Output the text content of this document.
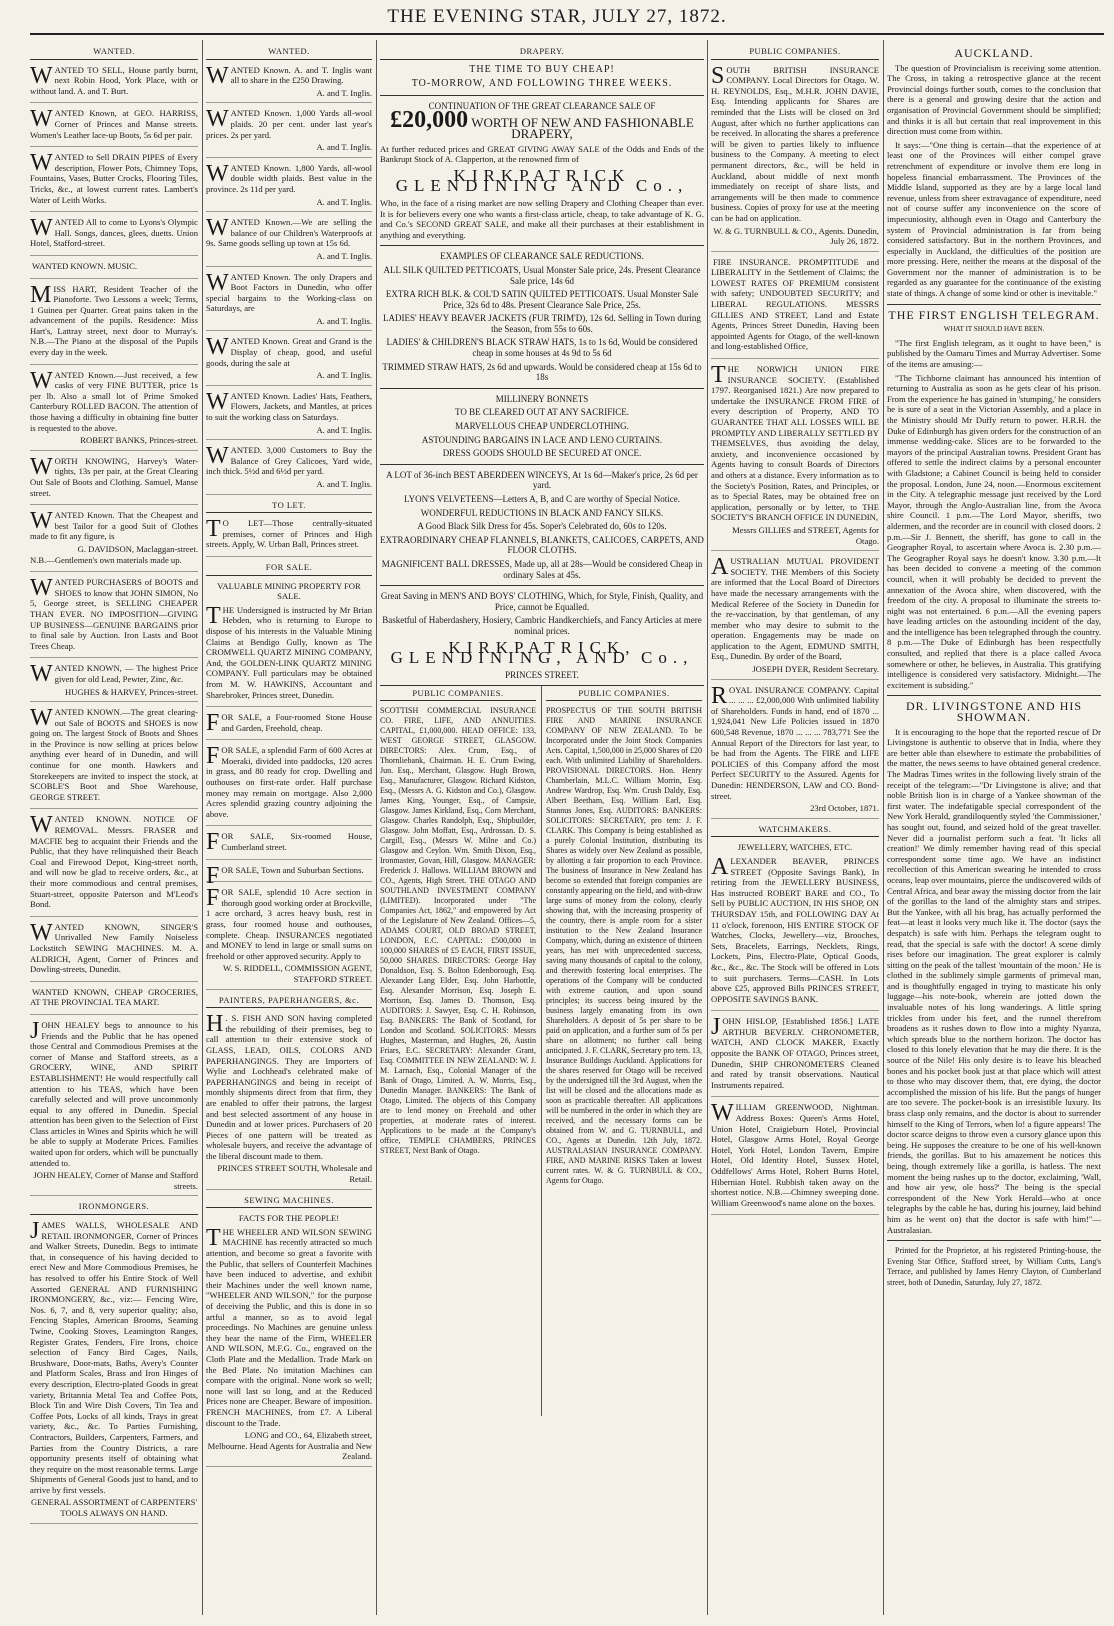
THE EVENING STAR, JULY 27, 1872.
WANTED.
W ANTED TO SELL, House partly burnt, next Robin Hood, York Place, with or without land. A. and T. Burt.

W ANTED Known, at GEO. HARRISS, Corner of Princes and Manse streets. Women's Leather lace-up Boots, 5s 6d per pair.

W ANTED to Sell DRAIN PIPES of Every description, Flower Pots, Chimney Tops, Fountains, Vases, Butter Crocks, Flooring Tiles, Tricks, &c., at lowest current rates. Lambert's Water of Leith Works.

W ANTED All to come to Lyons's Olympic Hall. Songs, dances, glees, duetts. Union Hotel, Stafford-street.

WANTED KNOWN. MUSIC.

M ISS HART, Resident Teacher of the Pianoforte. Two Lessons a week; Terms, 1 Guinea per Quarter. Great pains taken in the advancement of the pupils. Residence: Miss Hart's, Lattray street, next door to Murray's. N.B.—The Piano at the disposal of the Pupils every day in the week.

W ANTED Known.—Just received, a few casks of very FINE BUTTER, price 1s per lb. Also a small lot of Prime Smoked Canterbury ROLLED BACON. The attention of those having a difficulty in obtaining fine butter is requested to the above.

ROBERT BANKS, Princes-street.

W ORTH KNOWING, Harvey's Water-tights, 13s per pair, at the Great Clearing Out Sale of Boots and Clothing. Samuel, Manse street.

W ANTED Known. That the Cheapest and best Tailor for a good Suit of Clothes made to fit any figure, is

G. DAVIDSON, Maclaggan-street.

N.B.—Gentlemen's own materials made up.

W ANTED PURCHASERS of BOOTS and SHOES to know that JOHN SIMON, No 5, George street, is SELLING CHEAPER THAN EVER. NO IMPOSITION—GIVING UP BUSINESS—GENUINE BARGAINS prior to final sale by Auction. Iron Lasts and Boot Trees Cheap.

W ANTED KNOWN, — The highest Price given for old Lead, Pewter, Zinc, &c.

HUGHES & HARVEY, Princes-street.

W ANTED KNOWN.—The great clearing-out Sale of BOOTS and SHOES is now going on. The largest Stock of Boots and Shoes in the Province is now selling at prices below anything ever heard of in Dunedin, and will continue for one month. Hawkers and Storekeepers are invited to inspect the stock, at SCOBLE'S Boot and Shoe Warehouse, GEORGE STREET.

W ANTED KNOWN. NOTICE OF REMOVAL. Messrs. FRASER and MACFIE beg to acquaint their Friends and the Public, that they have relinquished their Beach Coal and Firewood Depot, King-street north, and will now be glad to receive orders, &c., at their more commodious and central premises, Stuart-street, opposite Paterson and M'Leod's Bond.

W ANTED KNOWN, SINGER'S Unrivalled New Family Noiseless Lockstitch SEWING MACHINES. M. A. ALDRICH, Agent, Corner of Princes and Dowling-streets, Dunedin.

WANTED KNOWN, CHEAP GROCERIES, AT THE PROVINCIAL TEA MART.

J OHN HEALEY begs to announce to his Friends and the Public that he has opened those Central and Commodious Premises at the corner of Manse and Stafford streets, as a GROCERY, WINE, AND SPIRIT ESTABLISHMENT! He would respectfully call attention to his TEAS, which have been carefully selected and will prove uncommonly equal to any offered in Dunedin. Special attention has been given to the Selection of First Class articles in Wines and Spirits which he will be able to supply at Moderate Prices. Families waited upon for orders, which will be punctually attended to.

JOHN HEALEY, Corner of Manse and Stafford streets.

IRONMONGERS.
J AMES WALLS, WHOLESALE AND RETAIL IRONMONGER, Corner of Princes and Walker Streets, Dunedin. Begs to intimate that, in consequence of his having decided to erect New and More Commodious Premises, he has resolved to offer his Entire Stock of Well Assorted GENERAL AND FURNISHING IRONMONGERY, &c., viz:— Fencing Wire, Nos. 6, 7, and 8, very superior quality; also, Fencing Staples, American Brooms, Seaming Twine, Cooking Stoves, Leamington Ranges, Register Grates, Fenders, Fire Irons, choice selection of Fancy Bird Cages, Nails, Brushware, Door-mats, Baths, Avery's Counter and Platform Scales, Brass and Iron Hinges of every description, Electro-plated Goods in great variety, Britannia Metal Tea and Coffee Pots, Block Tin and Wire Dish Covers, Tin Tea and Coffee Pots, Locks of all kinds, Trays in great variety, &c., &c. To Parties Furnishing, Contractors, Builders, Carpenters, Farmers, and Parties from the Country Districts, a rare opportunity presents itself of obtaining what they require on the most reasonable terms. Large Shipments of General Goods just to hand, and to arrive by first vessels.

GENERAL ASSORTMENT of CARPENTERS' TOOLS ALWAYS ON HAND.

WANTED.
W ANTED Known. A. and T. Inglis want all to share in the £250 Drawing.

A. and T. Inglis.

W ANTED Known. 1,000 Yards all-wool plaids. 20 per cent. under last year's prices. 2s per yard.

A. and T. Inglis.

W ANTED Known. 1,800 Yards, all-wool double width plaids. Best value in the province. 2s 11d per yard.

A. and T. Inglis.

W ANTED Known.—We are selling the balance of our Children's Waterproofs at 9s. Same goods selling up town at 15s 6d.

A. and T. Inglis.

W ANTED Known. The only Drapers and Boot Factors in Dunedin, who offer special bargains to the Working-class on Saturdays, are

A. and T. Inglis.

W ANTED Known. Great and Grand is the Display of cheap, good, and useful goods, during the sale at

A. and T. Inglis.

W ANTED Known. Ladies' Hats, Feathers, Flowers, Jackets, and Mantles, at prices to suit the working class on Saturdays.

A. and T. Inglis.

W ANTED. 3,000 Customers to Buy the Balance of Grey Calicoes, Yard wide, inch thick. 5½d and 6½d per yard.

A. and T. Inglis.

TO LET.
T O LET—Those centrally-situated premises, corner of Princes and High streets. Apply, W. Urban Ball, Princes street.

FOR SALE.

VALUABLE MINING PROPERTY FOR SALE.

T HE Undersigned is instructed by Mr Brian Hebden, who is returning to Europe to dispose of his interests in the Valuable Mining Claims at Bendigo Gully, known as The CROMWELL QUARTZ MINING COMPANY, And, the GOLDEN-LINK QUARTZ MINING COMPANY. Full particulars may be obtained from M. W. HAWKINS, Accountant and Sharebroker, Princes street, Dunedin.

F OR SALE, a Four-roomed Stone House and Garden, Freehold, cheap.

F OR SALE, a splendid Farm of 600 Acres at Moeraki, divided into paddocks, 120 acres in grass, and 80 ready for crop. Dwelling and outhouses on first-rate order. Half purchase money may remain on mortgage. Also 2,000 Acres splendid grazing country adjoining the above.

F OR SALE, Six-roomed House, Cumberland street.

F OR SALE, Town and Suburban Sections.

F OR SALE, splendid 10 Acre section in thorough good working order at Brockville, 1 acre orchard, 3 acres heavy bush, rest in grass, four roomed house and outhouses, complete. Cheap. INSURANCES negotiated and MONEY to lend in large or small sums on freehold or other approved security. Apply to

W. S. RIDDELL, COMMISSION AGENT, STAFFORD STREET.

PAINTERS, PAPERHANGERS, &c.
H . S. FISH AND SON having completed the rebuilding of their premises, beg to call attention to their extensive stock of GLASS, LEAD, OILS, COLORS AND PAPERHANGINGS. They are Importers of Wylie and Lochhead's celebrated make of PAPERHANGINGS and being in receipt of monthly shipments direct from that firm, they are enabled to offer their patrons, the largest and best selected assortment of any house in Dunedin and at lower prices. Purchasers of 20 Pieces of one pattern will be treated as wholesale buyers, and receive the advantage of the liberal discount made to them.

PRINCES STREET SOUTH, Wholesale and Retail.

SEWING MACHINES.

FACTS FOR THE PEOPLE!

T HE WHEELER AND WILSON SEWING MACHINE has recently attracted so much attention, and become so great a favorite with the Public, that sellers of Counterfeit Machines have been induced to advertise, and exhibit their Machines under the well known name, "WHEELER AND WILSON," for the purpose of deceiving the Public, and this is done in so artful a manner, so as to avoid legal proceedings. No Machines are genuine unless they bear the name of the Firm, WHEELER AND WILSON, M.F.G. Co., engraved on the Cloth Plate and the Medallion. Trade Mark on the Bed Plate. No imitation Machines can compare with the original. None work so well; none will last so long, and at the Reduced Prices none are Cheaper. Beware of imposition. FRENCH MACHINES, from £7. A Liberal discount to the Trade.

LONG and CO., 64, Elizabeth street, Melbourne. Head Agents for Australia and New Zealand.

DRAPERY.
THE TIME TO BUY CHEAP!
TO-MORROW, AND FOLLOWING THREE WEEKS.
CONTINUATION OF THE GREAT CLEARANCE SALE OF
£20,000 WORTH OF NEW AND FASHIONABLE DRAPERY,

At further reduced prices and GREAT GIVING AWAY SALE of the Odds and Ends of the Bankrupt Stock of A. Clapperton, at the renowned firm of

KIRKPATRICK GLENDINING AND Co.,

Who, in the face of a rising market are now selling Drapery and Clothing Cheaper than ever. It is for believers every one who wants a first-class article, cheap, to take advantage of K. G. and Co.'s SECOND GREAT SALE, and make all their purchases at their establishment in anything and everything.

EXAMPLES OF CLEARANCE SALE REDUCTIONS.
ALL SILK QUILTED PETTICOATS, Usual Monster Sale price, 24s. Present Clearance Sale price, 14s 6d
EXTRA RICH BLK. & COL'D SATIN QUILTED PETTICOATS. Usual Monster Sale Price, 32s 6d to 48s. Present Clearance Sale Price, 25s.
LADIES' HEAVY BEAVER JACKETS (FUR TRIM'D), 12s 6d. Selling in Town during the Season, from 55s to 60s.
LADIES' & CHILDREN'S BLACK STRAW HATS, 1s to 1s 6d, Would be considered cheap in some houses at 4s 9d to 5s 6d
TRIMMED STRAW HATS, 2s 6d and upwards. Would be considered cheap at 15s 6d to 18s
MILLINERY BONNETS
TO BE CLEARED OUT AT ANY SACRIFICE.
MARVELLOUS CHEAP UNDERCLOTHING.
ASTOUNDING BARGAINS IN LACE AND LENO CURTAINS.
DRESS GOODS SHOULD BE SECURED AT ONCE.
A LOT of 36-inch BEST ABERDEEN WINCEYS, At 1s 6d—Maker's price, 2s 6d per yard.
LYON'S VELVETEENS—Letters A, B, and C are worthy of Special Notice.
WONDERFUL REDUCTIONS IN BLACK AND FANCY SILKS.
A Good Black Silk Dress for 45s. Soper's Celebrated do, 60s to 120s.
EXTRAORDINARY CHEAP FLANNELS, BLANKETS, CALICOES, CARPETS, AND FLOOR CLOTHS.
MAGNIFICENT BALL DRESSES, Made up, all at 28s—Would be considered Cheap in ordinary Sales at 45s.
Great Saving in MEN'S AND BOYS' CLOTHING, Which, for Style, Finish, Quality, and Price, cannot be Equalled.
Basketful of Haberdashery, Hosiery, Cambric Handkerchiefs, and Fancy Articles at mere nominal prices.
KIRKPATRICK, GLENDINING, AND Co.,
PRINCES STREET.
PUBLIC COMPANIES.

SCOTTISH COMMERCIAL INSURANCE CO. FIRE, LIFE, AND ANNUITIES. CAPITAL, £1,000,000. HEAD OFFICE: 133, WEST GEORGE STREET, GLASGOW. DIRECTORS: Alex. Crum, Esq., of Thornliebank, Chairman. H. E. Crum Ewing, Jun. Esq., Merchant, Glasgow. Hugh Brown, Esq., Manufacturer, Glasgow. Richard Kidston, Esq., (Messrs A. G. Kidston and Co.), Glasgow. James King, Younger, Esq., of Campsie, Glasgow. James Kirkland, Esq., Corn Merchant, Glasgow. Charles Randolph, Esq., Shipbuilder, Glasgow. John Moffatt, Esq., Ardrossan. D. S. Cargill, Esq., (Messrs W. Milne and Co.) Glasgow and Ceylon. Wm. Smith Dixon, Esq., Ironmaster, Govan, Hill, Glasgow. MANAGER: Frederick J. Hallows. WILLIAM BROWN and CO., Agents, High Street. THE OTAGO AND SOUTHLAND INVESTMENT COMPANY (LIMITED). Incorporated under "The Companies Act, 1862," and empowered by Act of the Legislature of New Zealand. Offices—5, ADAMS COURT, OLD BROAD STREET, LONDON, E.C. CAPITAL: £500,000 in 100,000 SHARES of £5 EACH, FIRST ISSUE, 50,000 SHARES. DIRECTORS: George Hay Donaldson, Esq. S. Bolton Edenborough, Esq. Alexander Lang Elder, Esq. John Harbottle, Esq. Alexander Morrison, Esq. Joseph E. Morrison, Esq. James D. Thomson, Esq. AUDITORS: J. Sawyer, Esq. C. H. Robinson, Esq. BANKERS: The Bank of Scotland, for London and Scotland. SOLICITORS: Messrs Hughes, Masterman, and Hughes, 26, Austin Friars, E.C. SECRETARY: Alexander Grant, Esq. COMMITTEE IN NEW ZEALAND: W. J. M. Larnach, Esq., Colonial Manager of the Bank of Otago, Limited. A. W. Morris, Esq., Dunedin Manager. BANKERS: The Bank of Otago, Limited. The objects of this Company are to lend money on Freehold and other properties, at moderate rates of interest. Applications to be made at the Company's office, TEMPLE CHAMBERS, PRINCES STREET, Next Bank of Otago.

PUBLIC COMPANIES.

PROSPECTUS OF THE SOUTH BRITISH FIRE AND MARINE INSURANCE COMPANY OF NEW ZEALAND. To be Incorporated under the Joint Stock Companies Acts. Capital, 1,500,000 in 25,000 Shares of £20 each. With unlimited Liability of Shareholders. PROVISIONAL DIRECTORS. Hon. Henry Chamberlain, M.L.C. William Morrin, Esq. Andrew Wardrop, Esq. Wm. Crush Daldy, Esq. Albert Beetham, Esq. William Earl, Esq. Stannus Jones, Esq. AUDITORS: BANKERS: SOLICITORS: SECRETARY, pro tem: J. F. CLARK. This Company is being established as a purely Colonial Institution, distributing its Shares as widely over New Zealand as possible, by allotting a fair proportion to each Province. The business of Insurance in New Zealand has become so extended that foreign companies are constantly appearing on the field, and with-draw large sums of money from the colony, clearly showing that, with the increasing prosperity of the country, there is ample room for a sister institution to the New Zealand Insurance Company, which, during an existence of thirteen years, has met with unprecedented success, saving many thousands of capital to the colony, and therewith fostering local enterprises. The operations of the Company will be conducted with extreme caution, and upon sound principles; its success being insured by the business largely emanating from its own Shareholders. A deposit of 5s per share to be paid on application, and a further sum of 5s per share on allotment; no further call being anticipated. J. F. CLARK, Secretary pro tem. 13, Insurance Buildings Auckland. Applications for the shares reserved for Otago will be received by the undersigned till the 3rd August, when the list will be closed and the allocations made as soon as practicable thereafter. All applications will be numbered in the order in which they are received, and the necessary forms can be obtained from W. and G. TURNBULL, and CO., Agents at Dunedin. 12th July, 1872. AUSTRALASIAN INSURANCE COMPANY. FIRE, AND MARINE RISKS Taken at lowest current rates. W. & G. TURNBULL & CO., Agents for Otago.

PUBLIC COMPANIES.
S OUTH BRITISH INSURANCE COMPANY. Local Directors for Otago. W. H. REYNOLDS, Esq., M.H.R. JOHN DAVIE, Esq. Intending applicants for Shares are reminded that the Lists will be closed on 3rd August, after which no further applications can be received. In allocating the shares a preference will be given to parties likely to influence business to the Company. A meeting to elect permanent directors, &c., will be held in Auckland, about middle of next month immediately on receipt of share lists, and arrangements will be then made to commence business. Copies of proxy for use at the meeting can be had on application.

W. & G. TURNBULL & CO., Agents. Dunedin, July 26, 1872.

FIRE INSURANCE. PROMPTITUDE and LIBERALITY in the Settlement of Claims; the LOWEST RATES OF PREMIUM consistent with safety; UNDOUBTED SECURITY; and LIBERAL REGULATIONS. MESSRS GILLIES AND STREET, Land and Estate Agents, Princes Street Dunedin, Having been appointed Agents for Otago, of the well-known and long-established Office,

T HE NORWICH UNION FIRE INSURANCE SOCIETY. (Established 1797. Reorganised 1821.) Are now prepared to undertake the INSURANCE FROM FIRE of every description of Property, AND TO GUARANTEE THAT ALL LOSSES WILL BE PROMPTLY AND LIBERALLY SETTLED BY THEMSELVES, thus avoiding the delay, anxiety, and inconvenience occasioned by Agents having to consult Boards of Directors and others at a distance. Every information as to the Society's Position, Rates, and Principles, or as to Special Rates, may be obtained free on application, personally or by letter, to THE SOCIETY'S BRANCH OFFICE IN DUNEDIN,

Messrs GILLIES and STREET, Agents for Otago.

A USTRALIAN MUTUAL PROVIDENT SOCIETY. THE Members of this Society are informed that the Local Board of Directors have made the necessary arrangements with the Medical Referee of the Society in Dunedin for the re-vaccination, by that gentleman, of any member who may desire to submit to the operation. Engagements may be made on application to the Agent, EDMUND SMITH, Esq., Dunedin. By order of the Board,

JOSEPH DYER, Resident Secretary.

R OYAL INSURANCE COMPANY. Capital ... ... ... £2,000,000 With unlimited liability of Shareholders. Funds in hand, end of 1870 ... 1,924,041 New Life Policies issued in 1870 600,548 Revenue, 1870 ... ... ... 783,771 See the Annual Report of the Directors for last year, to be had from the Agents. The FIRE and LIFE POLICIES of this Company afford the most Perfect SECURITY to the Assured. Agents for Dunedin: HENDERSON, LAW and CO. Bond-street.

23rd October, 1871.

WATCHMAKERS.

JEWELLERY, WATCHES, ETC.

A LEXANDER BEAVER, PRINCES STREET (Opposite Savings Bank), In retiring from the JEWELLERY BUSINESS, Has instructed ROBERT BARE and CO., To Sell by PUBLIC AUCTION, IN HIS SHOP, ON THURSDAY 15th, and FOLLOWING DAY At 11 o'clock, forenoon, HIS ENTIRE STOCK OF Watches, Clocks, Jewellery—viz, Brooches, Sets, Bracelets, Earrings, Necklets, Rings, Lockets, Pins, Electro-Plate, Optical Goods, &c., &c., &c. The Stock will be offered in Lots to suit purchasers. Terms—CASH. In Lots above £25, approved Bills PRINCES STREET, OPPOSITE SAVINGS BANK.

J OHN HISLOP, [Established 1856.] LATE ARTHUR BEVERLY. CHRONOMETER, WATCH, AND CLOCK MAKER, Exactly opposite the BANK OF OTAGO, Princes street, Dunedin, SHIP CHRONOMETERS Cleaned and rated by transit observations. Nautical Instruments repaired.

W ILLIAM GREENWOOD, Nightman. Address Boxes: Queen's Arms Hotel, Union Hotel, Craigieburn Hotel, Provincial Hotel, Glasgow Arms Hotel, Royal George Hotel, York Hotel, London Tavern, Empire Hotel, Old Identity Hotel, Sussex Hotel, Oddfellows' Arms Hotel, Robert Burns Hotel, Hibernian Hotel. Rubbish taken away on the shortest notice. N.B.—Chimney sweeping done. William Greenwood's name alone on the boxes.

AUCKLAND.

The question of Provincialism is receiving some attention. The Cross, in taking a retrospective glance at the recent Provincial doings further south, comes to the conclusion that there is a general and growing desire that the action and organisation of Provincial Government should be simplified; and thinks it is all but certain that real improvement in this direction must come from within.

It says:—"One thing is certain—that the experience of at least one of the Provinces will either compel grave retrenchment of expenditure or involve them ere long in hopeless financial embarrassment. The Provinces of the Middle Island, supported as they are by a large local land revenue, unless from sheer extravagance of expenditure, need not of course suffer any inconvenience on the score of impecuniosity, although even in Otago and Canterbury the system of Provincial administration is far from being considered satisfactory. But in the northern Provinces, and especially in Auckland, the difficulties of the position are more pressing. Here, neither the means at the disposal of the Government nor the manner of administration is to be regarded as any guarantee for the continuance of the existing state of things. A change of some kind or other is inevitable."

THE FIRST ENGLISH TELEGRAM.
WHAT IT SHOULD HAVE BEEN.

"The first English telegram, as it ought to have been," is published by the Oamaru Times and Murray Advertiser. Some of the items are amusing:—

"The Tichborne claimant has announced his intention of returning to Australia as soon as he gets clear of his prison. From the experience he has gained in 'stumping,' he considers he is sure of a seat in the Victorian Assembly, and a place in the Ministry should Mr Duffy return to power. H.R.H. the Duke of Edinburgh has given orders for the construction of an immense wedding-cake. Slices are to be forwarded to the mayors of the principal Australian towns. President Grant has offered to settle the indirect claims by a personal encounter with Gladstone; a Cabinet Council is being held to consider the proposal. London, June 24, noon.—Enormous excitement in the City. A telegraphic message just received by the Lord Mayor, through the Anglo-Australian line, from the Avoca shire Council. 1 p.m.—The Lord Mayor, sheriffs, two aldermen, and the recorder are in council with closed doors. 2 p.m.—Sir J. Bennett, the sheriff, has gone to call in the Geographer Royal, to ascertain where Avoca is. 2.30 p.m.—The Geographer Royal says he doesn't know. 3.30 p.m.—It has been decided to convene a meeting of the common council, when it will probably be decided to prevent the annexation of the Avoca shire, when discovered, with the freedom of the city. A proposal to illuminate the streets to-night was not entertained. 6 p.m.—All the evening papers have leading articles on the astounding incident of the day, and the intelligence has been telegraphed through the country. 8 p.m.—The Duke of Edinburgh has been respectfully consulted, and replied that there is a place called Avoca somewhere or other, he believes, in Australia. This gratifying intelligence is considered very satisfactory. Midnight.—The excitement is subsiding."

DR. LIVINGSTONE AND HIS SHOWMAN.

It is encouraging to the hope that the reported rescue of Dr Livingstone is authentic to observe that in India, where they are better able than elsewhere to estimate the probabilities of the matter, the news seems to have obtained general credence. The Madras Times writes in the following lively strain of the receipt of the telegram:—"Dr Livingstone is alive; and that noble British lion is in charge of a Yankee showman of the first water. The indefatigable special correspondent of the New York Herald, grandiloquently styled 'the Commissioner,' has sought out, found, and seized hold of the great traveller. Never did a journalist perform such a feat. 'It licks all creation!' We dimly remember having read of this special correspondent some time ago. We have an indistinct recollection of this American swearing he intended to cross oceans, leap over mountains, pierce the undiscovered wilds of Central Africa, and bear away the missing doctor from the lair of the gorillas to the land of the almighty stars and stripes. But the Yankee, with all his brag, has actually performed the feat—at least it looks very much like it. The doctor (says the despatch) is safe with him. Perhaps the telegram ought to read, that the special is safe with the doctor! A scene dimly rises before our imagination. The great explorer is calmly sitting on the peak of the tallest 'mountain of the moon.' He is clothed in the sublimely simple garments of primeval man, and is thoughtfully engaged in trying to masticate his only luggage—his note-book, wherein are jotted down the invaluable notes of his long wanderings. A little spring trickles from under his feet, and the runnel therefrom broadens as it rushes down to flow into a mighty Nyanza, which spreads blue to the northern horizon. The doctor has closed to this lonely elevation that he may die there. It is the source of the Nile! His only desire is to leave his bleached bones and his pocket book just at that place which will attest to those who may discover them, that, ere dying, the doctor accomplished the mission of his life. But the pangs of hunger are too severe. The pocket-book is an irresistible luxury. Its brass clasp only remains, and the doctor is about to surrender himself to the King of Terrors, when lo! a figure appears! The doctor scarce deigns to throw even a cursory glance upon this being. He supposes the creature to be one of his well-known friends, the gorillas. But to his amazement he notices this being, though extremely like a gorilla, is hatless. The next moment the being rushes up to the doctor, exclaiming, 'Wall, and how air yew, ole hoss?' The being is the special correspondent of the New York Herald—who at once telegraphs by the cable he has, during his journey, laid behind him as he went on) that the doctor is safe with him!"—Australasian.

Printed for the Proprietor, at his registered Printing-house, the Evening Star Office, Stafford street, by William Cutts, Lang's Terrace, and published by James Henry Clayton, of Cumberland street, both of Dunedin, Saturday, July 27, 1872.
